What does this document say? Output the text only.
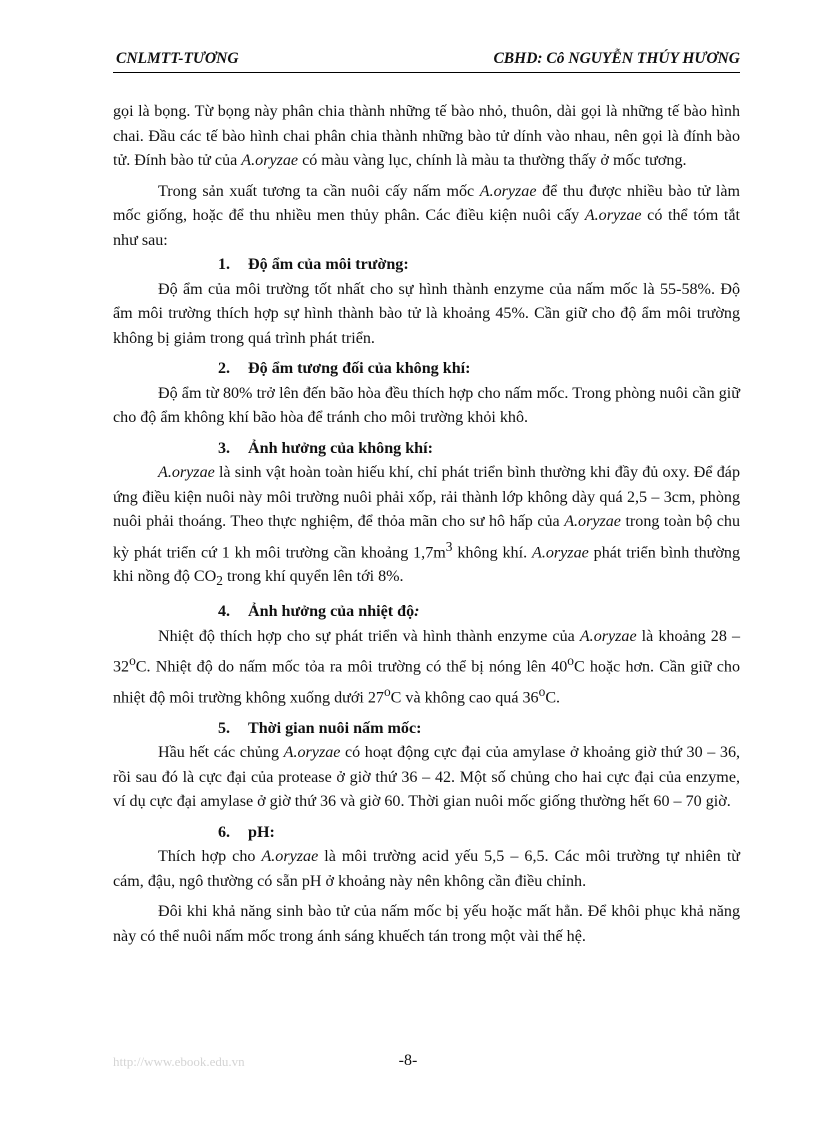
CNLMTT-TƯƠNG	CBHD: Cô NGUYỄN THÚY HƯƠNG

gọi là bọng. Từ bọng này phân chia thành những tế bào nhỏ, thuôn, dài gọi là những tế bào hình chai. Đầu các tế bào hình chai phân chia thành những bào tử dính vào nhau, nên gọi là đính bào tử. Đính bào tử của A.oryzae có màu vàng lục, chính là màu ta thường thấy ở mốc tương.

Trong sản xuất tương ta cần nuôi cấy nấm mốc A.oryzae để thu được nhiều bào tử làm mốc giống, hoặc để thu nhiều men thủy phân. Các điều kiện nuôi cấy A.oryzae có thể tóm tắt như sau:

1. Độ ẩm của môi trường:

Độ ẩm của môi trường tốt nhất cho sự hình thành enzyme của nấm mốc là 55-58%. Độ ẩm môi trường thích hợp sự hình thành bào tử là khoảng 45%. Cần giữ cho độ ẩm môi trường không bị giảm trong quá trình phát triển.

2. Độ ẩm tương đối của không khí:

Độ ẩm từ 80% trở lên đến bão hòa đều thích hợp cho nấm mốc. Trong phòng nuôi cần giữ cho độ ẩm không khí bão hòa để tránh cho môi trường khỏi khô.

3. Ảnh hưởng của không khí:

A.oryzae là sinh vật hoàn toàn hiếu khí, chỉ phát triển bình thường khi đầy đủ oxy. Để đáp ứng điều kiện nuôi này môi trường nuôi phải xốp, rải thành lớp không dày quá 2,5 – 3cm, phòng nuôi phải thoáng. Theo thực nghiệm, để thỏa mãn cho sư hô hấp của A.oryzae trong toàn bộ chu kỳ phát triển cứ 1 kh môi trường cần khoảng $1,7m^3$ không khí. A.oryzae phát triển bình thường khi nồng độ $CO_2$ trong khí quyển lên tới 8%.

4. Ảnh hưởng của nhiệt độ:

Nhiệt độ thích hợp cho sự phát triển và hình thành enzyme của A.oryzae là khoảng 28 – 32$^o$C. Nhiệt độ do nấm mốc tỏa ra môi trường có thể bị nóng lên 40$^o$C hoặc hơn. Cần giữ cho nhiệt độ môi trường không xuống dưới 27$^o$C và không cao quá 36$^o$C.

5. Thời gian nuôi nấm mốc:

Hầu hết các chủng A.oryzae có hoạt động cực đại của amylase ở khoảng giờ thứ 30 – 36, rồi sau đó là cực đại của protease ở giờ thứ 36 – 42. Một số chủng cho hai cực đại của enzyme, ví dụ cực đại amylase ở giờ thứ 36 và giờ 60. Thời gian nuôi mốc giống thường hết 60 – 70 giờ.

6. pH:

Thích hợp cho A.oryzae là môi trường acid yếu 5,5 – 6,5. Các môi trường tự nhiên từ cám, đậu, ngô thường có sẵn pH ở khoảng này nên không cần điều chỉnh.

Đôi khi khả năng sinh bào tử của nấm mốc bị yếu hoặc mất hẳn. Để khôi phục khả năng này có thể nuôi nấm mốc trong ánh sáng khuếch tán trong một vài thế hệ.

http://www.ebook.edu.vn	-8-
